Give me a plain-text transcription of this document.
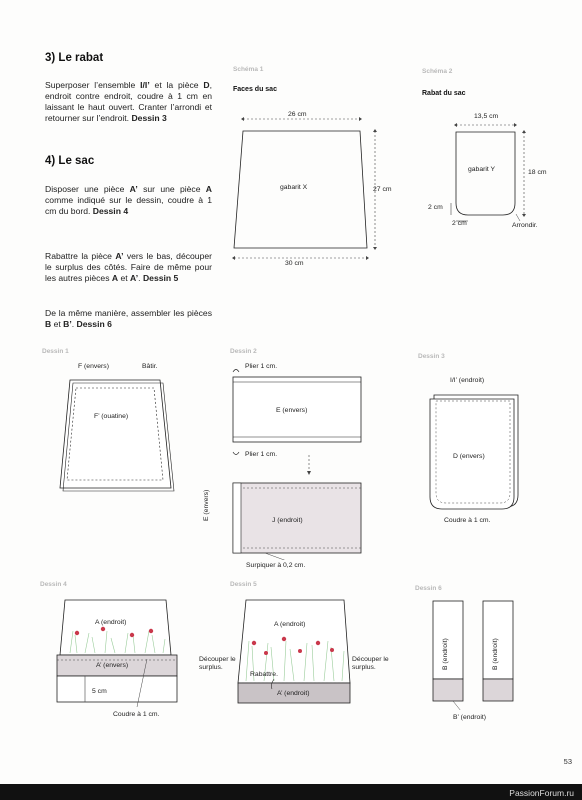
3) Le rabat
Superposer l’ensemble I/I’ et la pièce D, endroit contre endroit, coudre à 1 cm en laissant le haut ouvert. Cranter l’arrondi et retourner sur l’endroit. Dessin 3
4) Le sac
Disposer une pièce A’ sur une pièce A comme indiqué sur le dessin, coudre à 1 cm du bord. Dessin 4
Rabattre la pièce A’ vers le bas, découper le surplus des côtés. Faire de même pour les autres pièces A et A’. Dessin 5
De la même manière, assembler les pièces B et B’. Dessin 6
Schéma 1
Faces du sac
26 cm
27 cm
30 cm
gabarit X
Schéma 2
Rabat du sac
13,5 cm
18 cm
gabarit Y
2 cm
2 cm	Arrondir.
Dessin 1
F (envers)	Bâtir.
F’ (ouatine)
Dessin 2
Plier 1 cm.
E (envers)
Plier 1 cm.
E (envers)	J (endroit)
Surpiquer à 0,2 cm.
Dessin 3
I/I’ (endroit)
D (envers)
Coudre à 1 cm.
Dessin 4
A (endroit)
A’ (envers)
5 cm
Coudre à 1 cm.
Dessin 5
A (endroit)
Découper le surplus.
Découper le surplus.
Rabattre.
A’ (endroit)
Dessin 6
B (endroit)	B (endroit)
B’ (endroit)
53
PassionForum.ru
